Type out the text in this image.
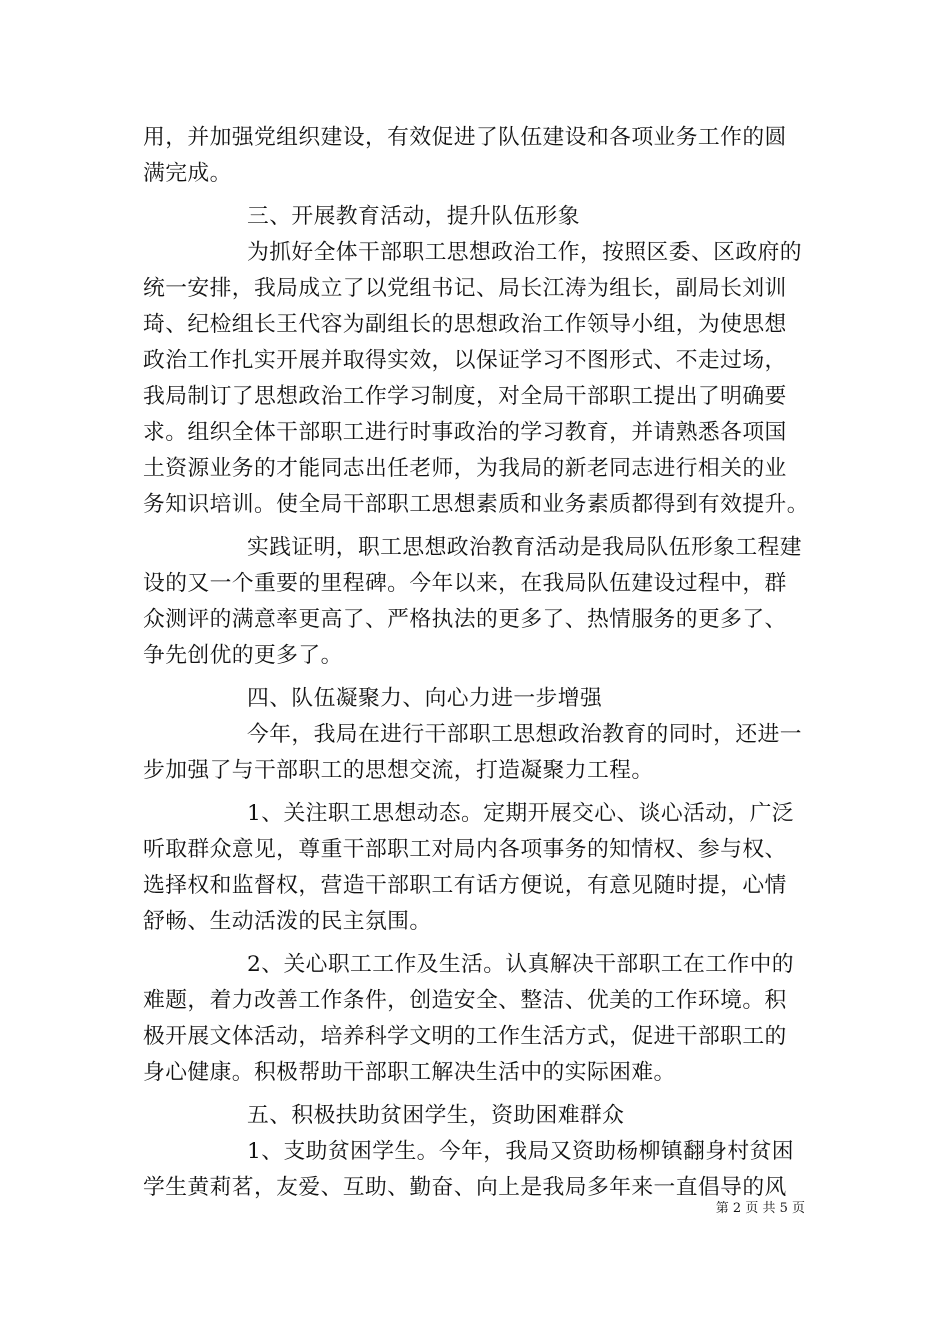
用，并加强党组织建设，有效促进了队伍建设和各项业务工作的圆
满完成。
三、开展教育活动，提升队伍形象
为抓好全体干部职工思想政治工作，按照区委、区政府的
统一安排，我局成立了以党组书记、局长江涛为组长，副局长刘训
琦、纪检组长王代容为副组长的思想政治工作领导小组，为使思想
政治工作扎实开展并取得实效，以保证学习不图形式、不走过场，
我局制订了思想政治工作学习制度，对全局干部职工提出了明确要
求。组织全体干部职工进行时事政治的学习教育，并请熟悉各项国
土资源业务的才能同志出任老师，为我局的新老同志进行相关的业
务知识培训。使全局干部职工思想素质和业务素质都得到有效提升。
实践证明，职工思想政治教育活动是我局队伍形象工程建
设的又一个重要的里程碑。今年以来，在我局队伍建设过程中，群
众测评的满意率更高了、严格执法的更多了、热情服务的更多了、
争先创优的更多了。
四、队伍凝聚力、向心力进一步增强
今年，我局在进行干部职工思想政治教育的同时，还进一
步加强了与干部职工的思想交流，打造凝聚力工程。
1、关注职工思想动态。定期开展交心、谈心活动，广泛
听取群众意见，尊重干部职工对局内各项事务的知情权、参与权、
选择权和监督权，营造干部职工有话方便说，有意见随时提，心情
舒畅、生动活泼的民主氛围。
2、关心职工工作及生活。认真解决干部职工在工作中的
难题，着力改善工作条件，创造安全、整洁、优美的工作环境。积
极开展文体活动，培养科学文明的工作生活方式，促进干部职工的
身心健康。积极帮助干部职工解决生活中的实际困难。
五、积极扶助贫困学生，资助困难群众
1、支助贫困学生。今年，我局又资助杨柳镇翻身村贫困
学生黄莉茗，友爱、互助、勤奋、向上是我局多年来一直倡导的风
第 2 页 共 5 页
